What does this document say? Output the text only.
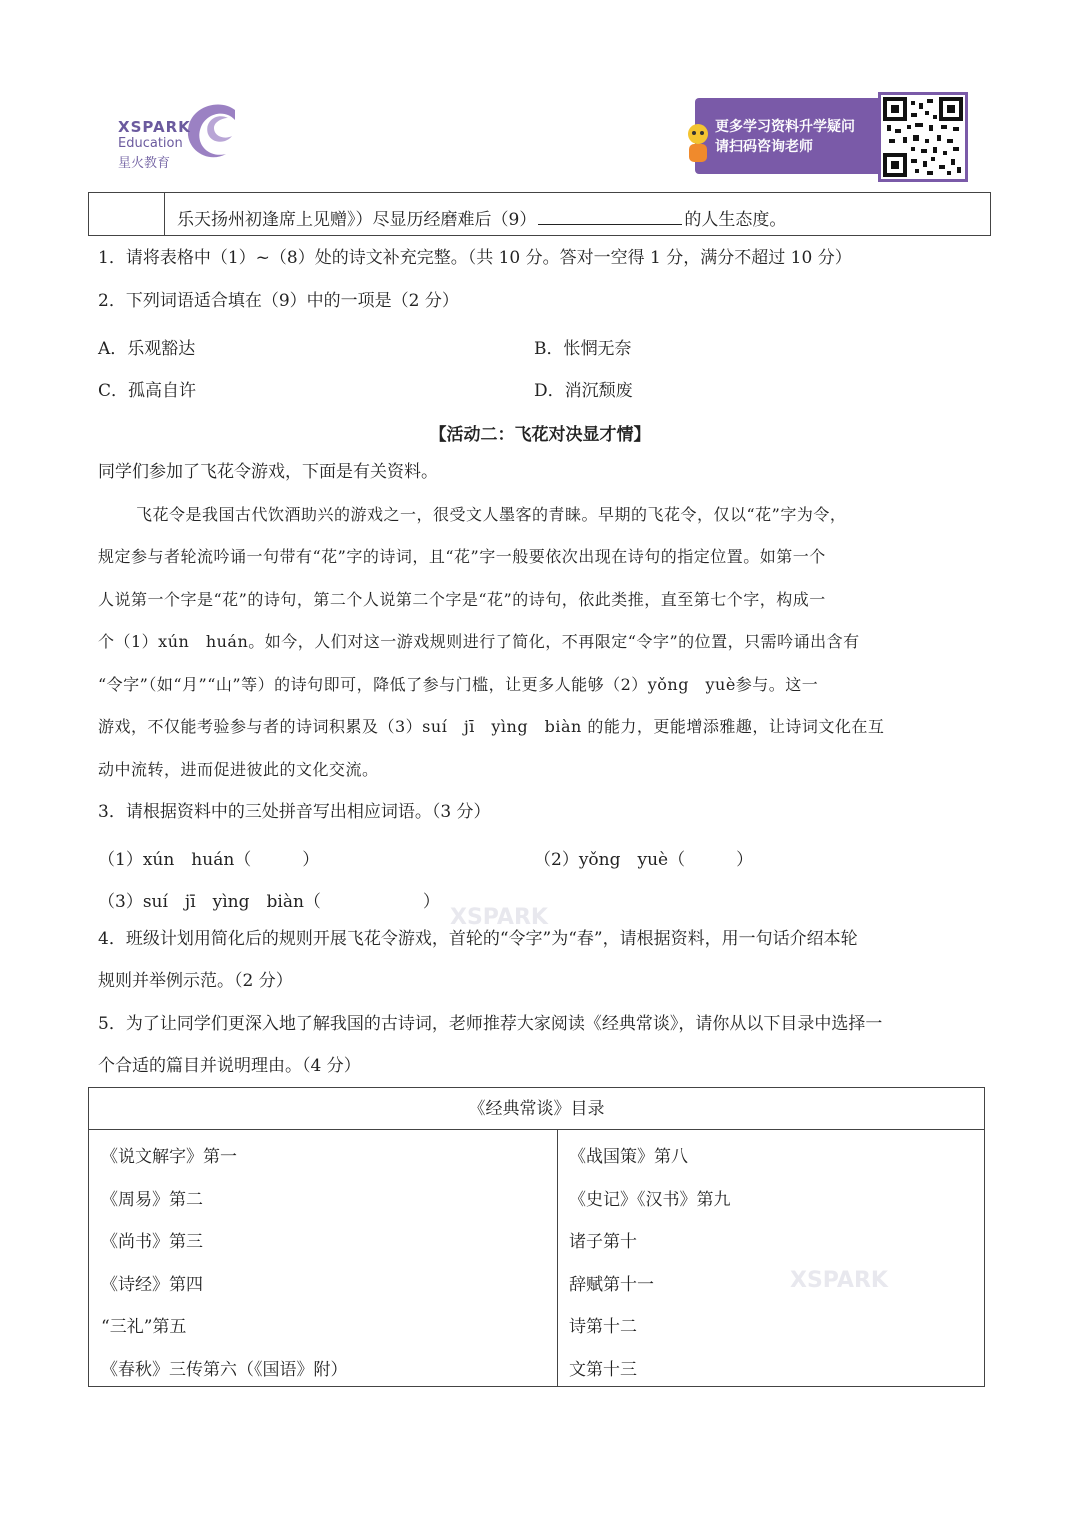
XSPARK
XSPARK
XSPARK
Education
星火教育
更多学习资料升学疑问
请扫码咨询老师
乐天扬州初逢席上见赠》）尽显历经磨难后（9）	的人生态度。
1．请将表格中（1）~（8）处的诗文补充完整。（共 10 分。答对一空得 1 分，满分不超过 10 分）
2．下列词语适合填在（9）中的一项是（2 分）
A．乐观豁达	B．怅惘无奈
C．孤高自许	D．消沉颓废
【活动二：飞花对决显才情】
同学们参加了飞花令游戏，下面是有关资料。
飞花令是我国古代饮酒助兴的游戏之一，很受文人墨客的青睐。早期的飞花令，仅以“花”字为令，
规定参与者轮流吟诵一句带有“花”字的诗词，且“花”字一般要依次出现在诗句的指定位置。如第一个
人说第一个字是“花”的诗句，第二个人说第二个字是“花”的诗句，依此类推，直至第七个字，构成一
个（1）xún　huán。如今，人们对这一游戏规则进行了简化，不再限定“令字”的位置，只需吟诵出含有
“令字”（如“月”“山”等）的诗句即可，降低了参与门槛，让更多人能够（2）yǒng　yuè参与。这一
游戏，不仅能考验参与者的诗词积累及（3）suí　jī　yìng　biàn 的能力，更能增添雅趣，让诗词文化在互
动中流转，进而促进彼此的文化交流。
3．请根据资料中的三处拼音写出相应词语。（3 分）
（1）xún　huán（　　　）	（2）yǒng　yuè（　　　）
（3）suí　jī　yìng　biàn（　　　　　　）
4．班级计划用简化后的规则开展飞花令游戏，首轮的“令字”为“春”，请根据资料，用一句话介绍本轮
规则并举例示范。（2 分）
5．为了让同学们更深入地了解我国的古诗词，老师推荐大家阅读《经典常谈》，请你从以下目录中选择一
个合适的篇目并说明理由。（4 分）
《经典常谈》目录
《说文解字》第一
《周易》第二
《尚书》第三
《诗经》第四
“三礼”第五
《春秋》三传第六（《国语》附）
《战国策》第八
《史记》《汉书》第九
诸子第十
辞赋第十一
诗第十二
文第十三
